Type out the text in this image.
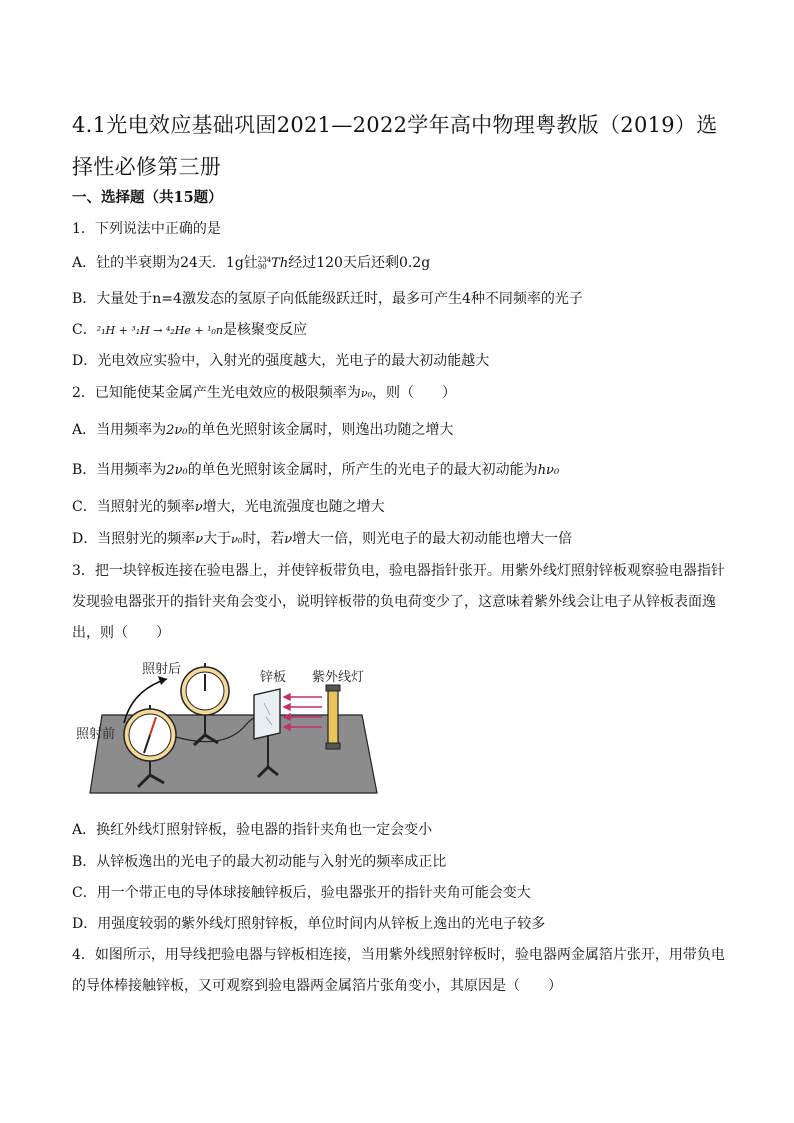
4.1光电效应基础巩固2021—2022学年高中物理粤教版（2019）选择性必修第三册
一、选择题（共15题）
1．下列说法中正确的是
A．钍的半衰期为24天．1g钍 234
90 Th经过120天后还剩0.2g
B．大量处于n=4激发态的氢原子向低能级跃迁时，最多可产生4种不同频率的光子
C．²₁H + ³₁H → ⁴₂He + ¹₀n是核聚变反应
D．光电效应实验中，入射光的强度越大，光电子的最大初动能越大
2．已知能使某金属产生光电效应的极限频率为ν₀，则（　　）
A．当用频率为2ν₀的单色光照射该金属时，则逸出功随之增大
B．当用频率为2ν₀的单色光照射该金属时，所产生的光电子的最大初动能为hν₀
C．当照射光的频率ν增大，光电流强度也随之增大
D．当照射光的频率ν大于ν₀时，若ν增大一倍，则光电子的最大初动能也增大一倍
3．把一块锌板连接在验电器上，并使锌板带负电，验电器指针张开。用紫外线灯照射锌板观察验电器指针发现验电器张开的指针夹角会变小，说明锌板带的负电荷变少了，这意味着紫外线会让电子从锌板表面逸出，则（　　）
照射后
照射前
锌板 紫外线灯
A．换红外线灯照射锌板，验电器的指针夹角也一定会变小
B．从锌板逸出的光电子的最大初动能与入射光的频率成正比
C．用一个带正电的导体球接触锌板后，验电器张开的指针夹角可能会变大
D．用强度较弱的紫外线灯照射锌板，单位时间内从锌板上逸出的光电子较多
4．如图所示，用导线把验电器与锌板相连接，当用紫外线照射锌板时，验电器两金属箔片张开，用带负电的导体棒接触锌板，又可观察到验电器两金属箔片张角变小，其原因是（　　）
